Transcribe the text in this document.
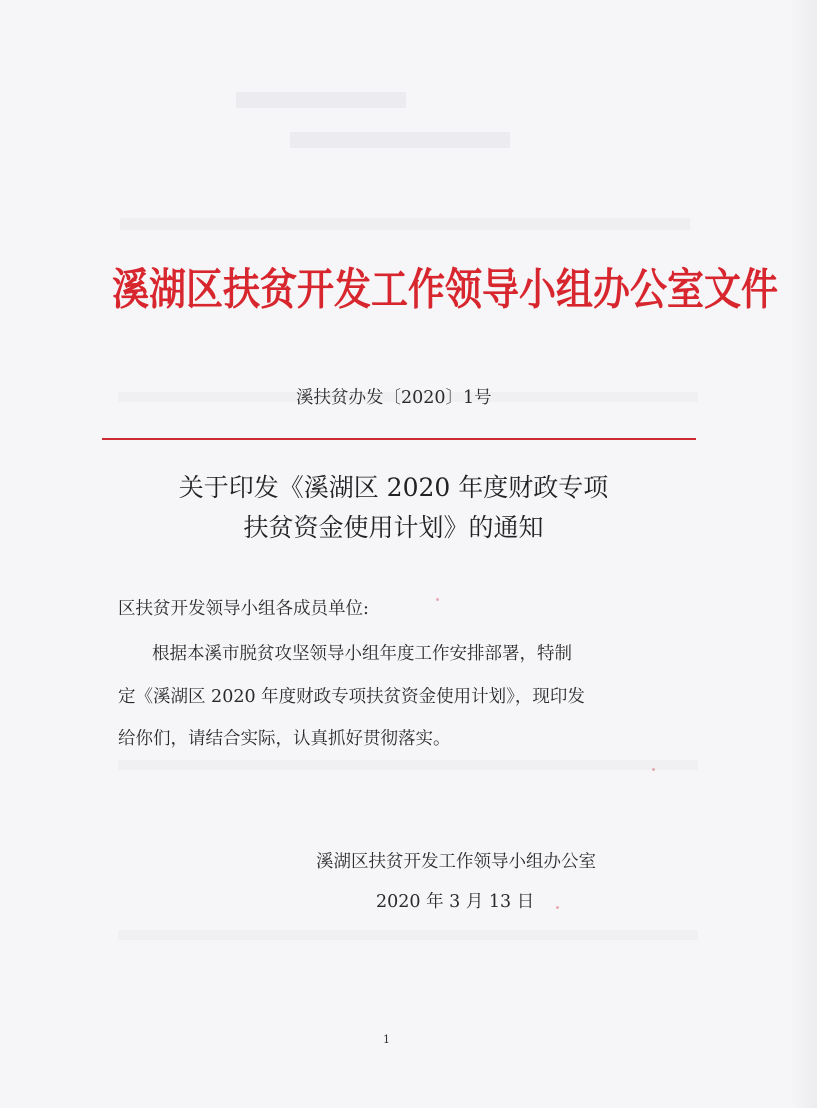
溪湖区扶贫开发工作领导小组办公室文件
溪扶贫办发〔2020〕1号
关于印发《溪湖区 2020 年度财政专项
扶贫资金使用计划》的通知
区扶贫开发领导小组各成员单位:
根据本溪市脱贫攻坚领导小组年度工作安排部署，特制
定《溪湖区 2020 年度财政专项扶贫资金使用计划》，现印发
给你们，请结合实际，认真抓好贯彻落实。
溪湖区扶贫开发工作领导小组办公室
2020 年 3 月 13 日
1
